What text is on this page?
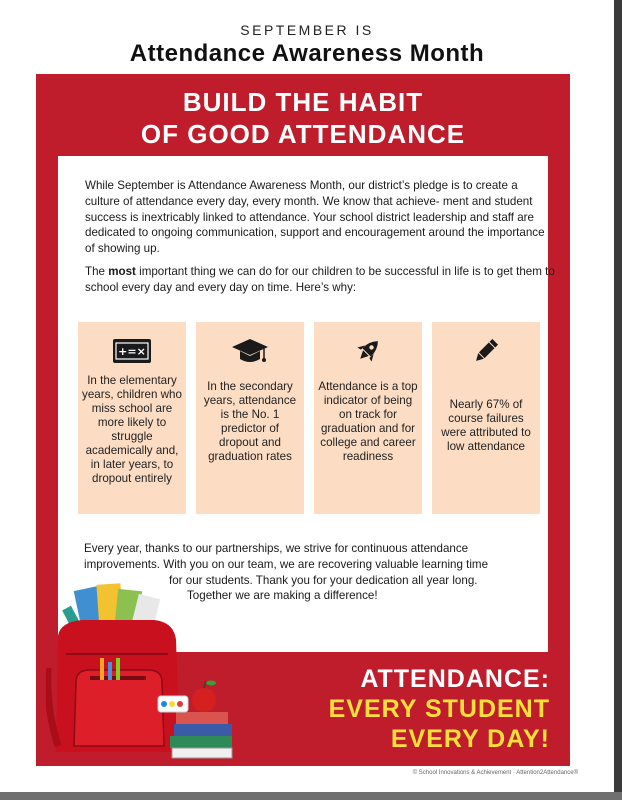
SEPTEMBER IS
Attendance Awareness Month
BUILD THE HABIT
OF GOOD ATTENDANCE

While September is Attendance Awareness Month, our district’s pledge is to create a culture of attendance every day, every month. We know that achieve- ment and student success is inextricably linked to attendance. Your school district leadership and staff are dedicated to ongoing communication, support and encouragement around the importance of showing up.

The most important thing we can do for our children to be successful in life is to get them to school every day and every day on time. Here’s why:

+=×
In the elementary years, children who miss school are more likely to struggle academically and, in later years, to dropout entirely
In the secondary years, attendance is the No. 1 predictor of dropout and graduation rates
Attendance is a top indicator of being on track for graduation and for college and career readiness
Nearly 67% of course failures were attributed to low attendance
Every year, thanks to our partnerships, we strive for continuous attendance
improvements. With you on our team, we are recovering valuable learning time
for our students. Thank you for your dedication all year long.
Together we are making a difference!
ATTENDANCE:
EVERY STUDENT
EVERY DAY!
© School Innovations & Achievement · Attention2Attendance®
